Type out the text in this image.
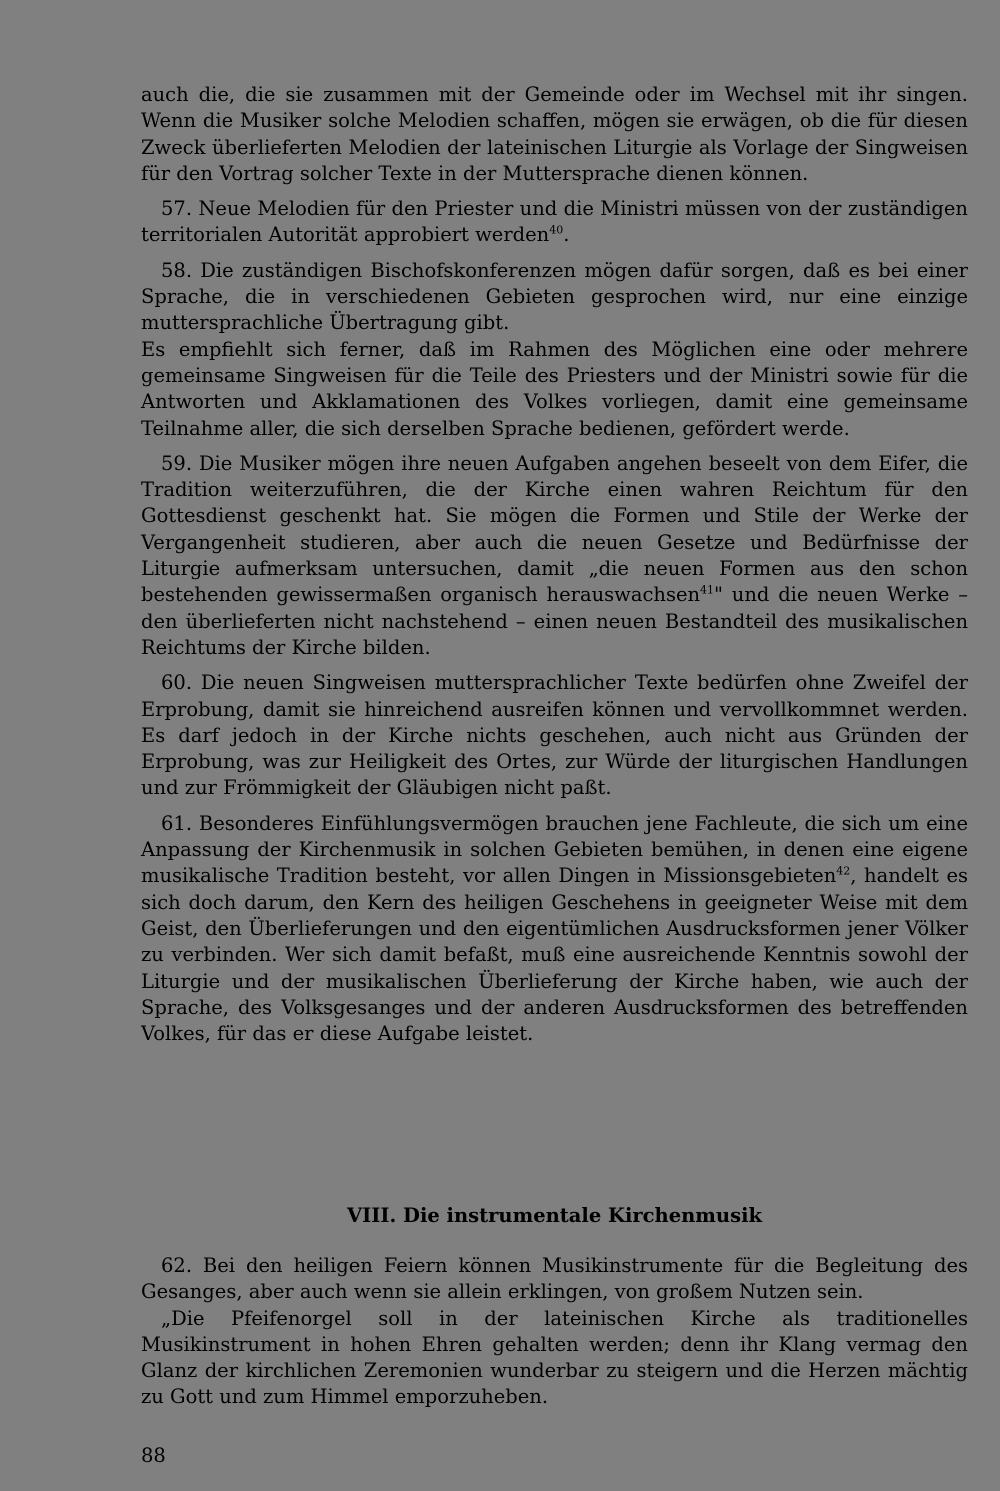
auch die, die sie zusammen mit der Gemeinde oder im Wechsel mit ihr singen. Wenn die Musiker solche Melodien schaffen, mögen sie erwägen, ob die für diesen Zweck überlieferten Melodien der lateinischen Liturgie als Vorlage der Singweisen für den Vortrag solcher Texte in der Muttersprache dienen können.

57. Neue Melodien für den Priester und die Ministri müssen von der zuständigen territorialen Autorität approbiert werden$^{40}$.

58. Die zuständigen Bischofskonferenzen mögen dafür sorgen, daß es bei einer Sprache, die in verschiedenen Gebieten gesprochen wird, nur eine einzige muttersprachliche Übertragung gibt.

Es empfiehlt sich ferner, daß im Rahmen des Möglichen eine oder mehrere gemeinsame Singweisen für die Teile des Priesters und der Ministri sowie für die Antworten und Akklamationen des Volkes vorliegen, damit eine gemeinsame Teilnahme aller, die sich derselben Sprache bedienen, gefördert werde.

59. Die Musiker mögen ihre neuen Aufgaben angehen beseelt von dem Eifer, die Tradition weiterzuführen, die der Kirche einen wahren Reichtum für den Gottesdienst geschenkt hat. Sie mögen die Formen und Stile der Werke der Vergangenheit studieren, aber auch die neuen Gesetze und Bedürfnisse der Liturgie aufmerksam untersuchen, damit „die neuen Formen aus den schon bestehenden gewissermaßen organisch herauswachsen$^{41}$" und die neuen Werke – den überlieferten nicht nachstehend – einen neuen Bestandteil des musikalischen Reichtums der Kirche bilden.

60. Die neuen Singweisen muttersprachlicher Texte bedürfen ohne Zweifel der Erprobung, damit sie hinreichend ausreifen können und vervollkommnet werden. Es darf jedoch in der Kirche nichts geschehen, auch nicht aus Gründen der Erprobung, was zur Heiligkeit des Ortes, zur Würde der liturgischen Handlungen und zur Frömmigkeit der Gläubigen nicht paßt.

61. Besonderes Einfühlungsvermögen brauchen jene Fachleute, die sich um eine Anpassung der Kirchenmusik in solchen Gebieten bemühen, in denen eine eigene musikalische Tradition besteht, vor allen Dingen in Missionsgebieten$^{42}$, handelt es sich doch darum, den Kern des heiligen Geschehens in geeigneter Weise mit dem Geist, den Überlieferungen und den eigentümlichen Ausdrucksformen jener Völker zu verbinden. Wer sich damit befaßt, muß eine ausreichende Kenntnis sowohl der Liturgie und der musikalischen Überlieferung der Kirche haben, wie auch der Sprache, des Volksgesanges und der anderen Ausdrucksformen des betreffenden Volkes, für das er diese Aufgabe leistet.

VIII. Die instrumentale Kirchenmusik

62. Bei den heiligen Feiern können Musikinstrumente für die Begleitung des Gesanges, aber auch wenn sie allein erklingen, von großem Nutzen sein.

„Die Pfeifenorgel soll in der lateinischen Kirche als traditionelles Musikinstrument in hohen Ehren gehalten werden; denn ihr Klang vermag den Glanz der kirchlichen Zeremonien wunderbar zu steigern und die Herzen mächtig zu Gott und zum Himmel emporzuheben.

88
